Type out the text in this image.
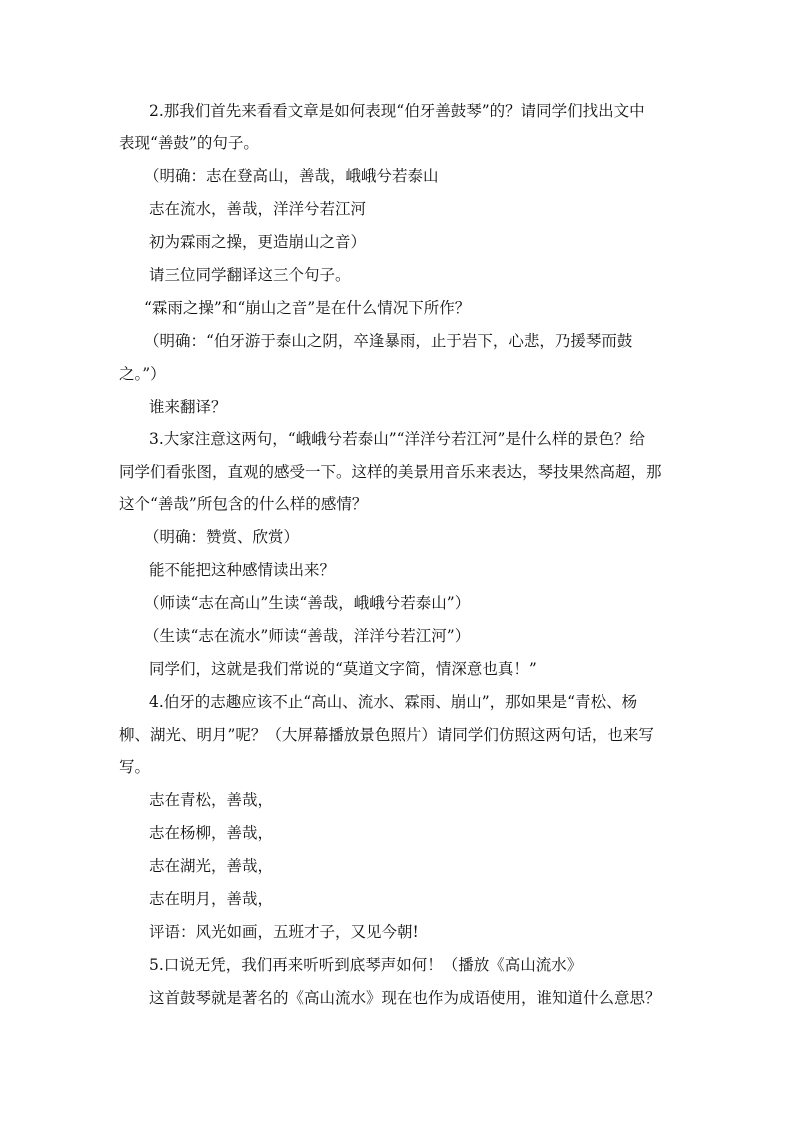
2.那我们首先来看看文章是如何表现“伯牙善鼓琴”的？请同学们找出文中
表现“善鼓”的句子。
（明确：志在登高山，善哉，峨峨兮若泰山
志在流水，善哉，洋洋兮若江河
初为霖雨之操，更造崩山之音）
请三位同学翻译这三个句子。
“霖雨之操”和“崩山之音”是在什么情况下所作？
（明确：“伯牙游于泰山之阴，卒逢暴雨，止于岩下，心悲，乃援琴而鼓
之。”）
谁来翻译？
3.大家注意这两句，“峨峨兮若泰山”“洋洋兮若江河”是什么样的景色？给
同学们看张图，直观的感受一下。这样的美景用音乐来表达，琴技果然高超，那
这个“善哉”所包含的什么样的感情？
（明确：赞赏、欣赏）
能不能把这种感情读出来？
（师读“志在高山”生读“善哉，峨峨兮若泰山”）
（生读“志在流水”师读“善哉，洋洋兮若江河”）
同学们，这就是我们常说的“莫道文字简，情深意也真！”
4.伯牙的志趣应该不止“高山、流水、霖雨、崩山”，那如果是“青松、杨
柳、湖光、明月”呢？（大屏幕播放景色照片）请同学们仿照这两句话，也来写
写。
志在青松，善哉，
志在杨柳，善哉，
志在湖光，善哉，
志在明月，善哉，
评语：风光如画，五班才子，又见今朝!
5.口说无凭，我们再来听听到底琴声如何！（播放《高山流水》
这首鼓琴就是著名的《高山流水》现在也作为成语使用，谁知道什么意思？
